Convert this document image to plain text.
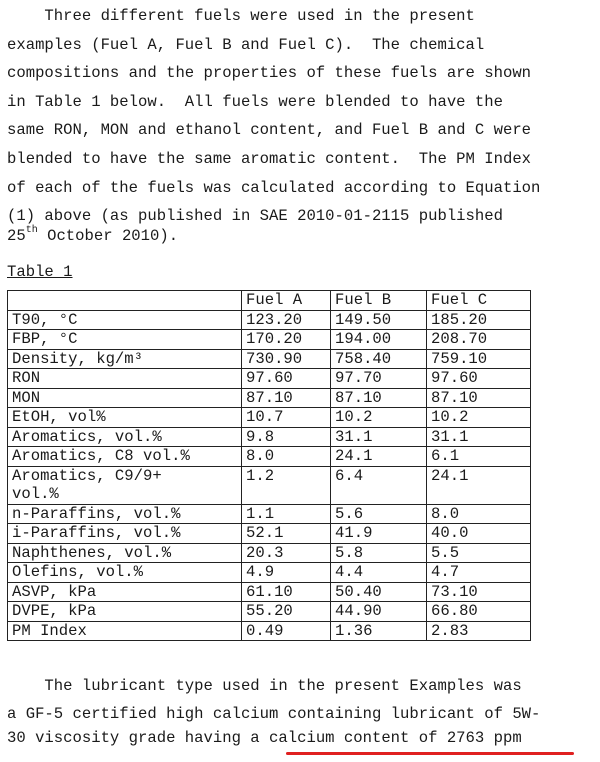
Three different fuels were used in the present
examples (Fuel A, Fuel B and Fuel C).  The chemical
compositions and the properties of these fuels are shown
in Table 1 below.  All fuels were blended to have the
same RON, MON and ethanol content, and Fuel B and C were
blended to have the same aromatic content.  The PM Index
of each of the fuels was calculated according to Equation
(1) above (as published in SAE 2010-01-2115 published
25th October 2010).
Table 1
	Fuel A	Fuel B	Fuel C
T90, °C	123.20	149.50	185.20
FBP, °C	170.20	194.00	208.70
Density, kg/m³	730.90	758.40	759.10
RON	97.60	97.70	97.60
MON	87.10	87.10	87.10
EtOH, vol%	10.7	10.2	10.2
Aromatics, vol.%	9.8	31.1	31.1
Aromatics, C8 vol.%	8.0	24.1	6.1
Aromatics, C9/9+
vol.%	1.2	6.4	24.1
n-Paraffins, vol.%	1.1	5.6	8.0
i-Paraffins, vol.%	52.1	41.9	40.0
Naphthenes, vol.%	20.3	5.8	5.5
Olefins, vol.%	4.9	4.4	4.7
ASVP, kPa	61.10	50.40	73.10
DVPE, kPa	55.20	44.90	66.80
PM Index	0.49	1.36	2.83
The lubricant type used in the present Examples was
a GF-5 certified high calcium containing lubricant of 5W-
30 viscosity grade having a calcium content of 2763 ppm
